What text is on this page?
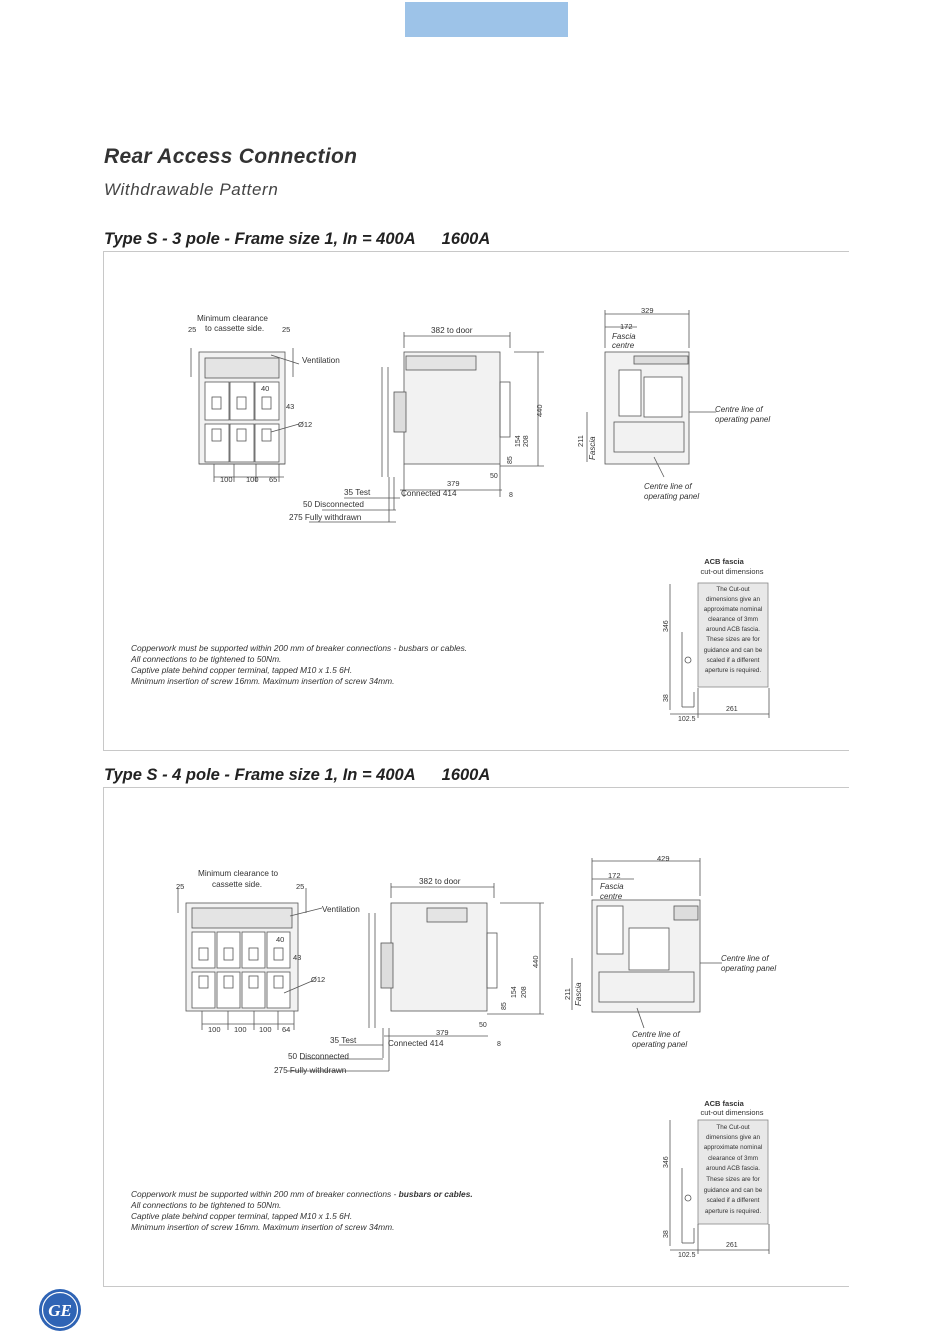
Rear Access Connection
Withdrawable Pattern
Type S - 3 pole - Frame size 1, In = 400A 1600A
Minimum clearance
to cassette side.
25	25
Ventilation
40
43
Ø12
100 100 65
382 to door
440
208
154
85
50
379
35 Test	Connected 414	8
50 Disconnected
275 Fully withdrawn
329
172
Fascia
centre
211 Fascia
Centre line of
operating panel
Centre line of
operating panel
ACB fascia
cut-out dimensions
The Cut-out
dimensions give an
approximate nominal
clearance of 3mm
around ACB fascia.
These sizes are for
guidance and can be
scaled if a different
aperture is required.
346
38
102.5
261
Copperwork must be supported within 200 mm of breaker connections - busbars or cables.
All connections to be tightened to 50Nm.
Captive plate behind copper terminal, tapped M10 x 1.5 6H.
Minimum insertion of screw 16mm. Maximum insertion of screw 34mm.
Type S - 4 pole - Frame size 1, In = 400A 1600A
Minimum clearance to
cassette side.
25	25
Ventilation
40
43
Ø12
100 100 100 64
382 to door
440
208
154
85
50
379
35 Test	Connected 414	8
50 Disconnected
275 Fully withdrawn
429
172
Fascia
centre
211 Fascia
Centre line of
operating panel
Centre line of
operating panel
ACB fascia
cut-out dimensions
The Cut-out
dimensions give an
approximate nominal
clearance of 3mm
around ACB fascia.
These sizes are for
guidance and can be
scaled if a different
aperture is required.
346
38
102.5
261
Copperwork must be supported within 200 mm of breaker connections - busbars or cables.
All connections to be tightened to 50Nm.
Captive plate behind copper terminal, tapped M10 x 1.5 6H.
Minimum insertion of screw 16mm. Maximum insertion of screw 34mm.
GE
